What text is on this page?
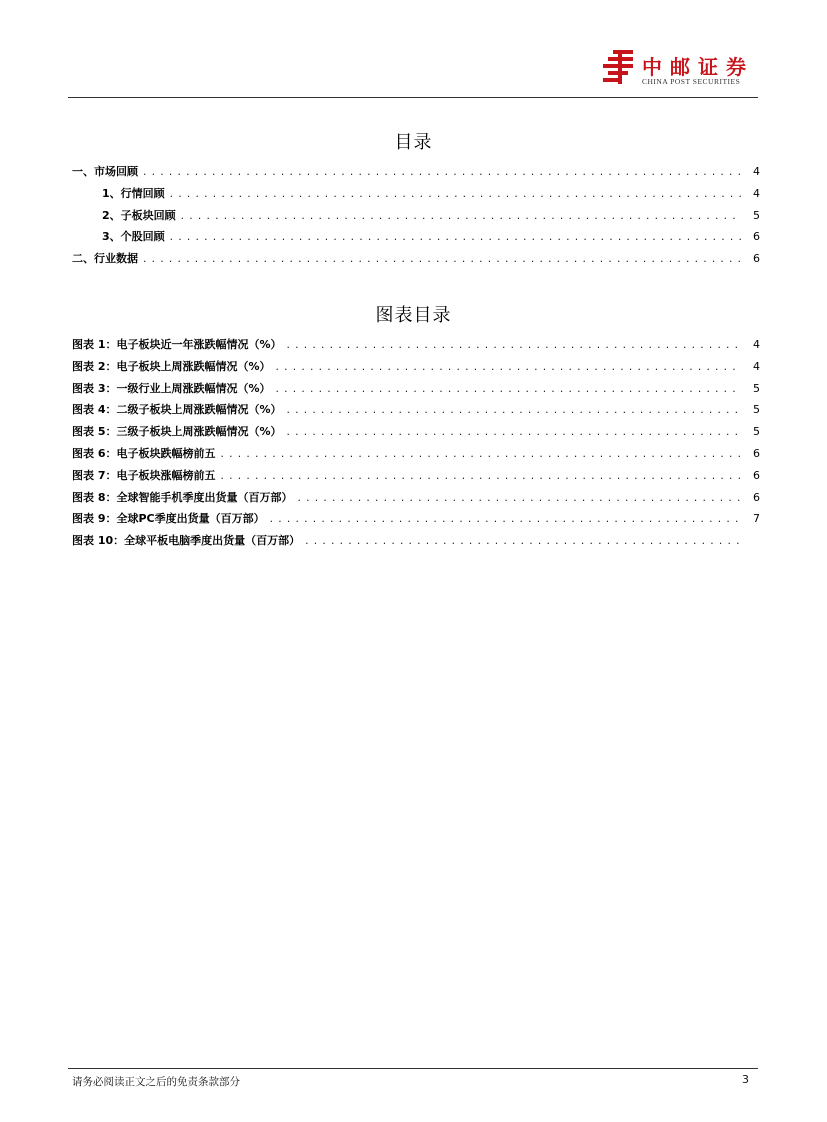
中邮证券
CHINA POST SECURITIES
目录
一、市场回顾 .....	4
1、行情回顾 .....	4
2、子板块回顾 .....	5
3、个股回顾 .....	6
二、行业数据 .....	6
图表目录
图表 1：电子板块近一年涨跌幅情况（%） .....	4
图表 2：电子板块上周涨跌幅情况（%） .....	4
图表 3：一级行业上周涨跌幅情况（%） .....	5
图表 4：二级子板块上周涨跌幅情况（%） .....	5
图表 5：三级子板块上周涨跌幅情况（%） .....	5
图表 6：电子板块跌幅榜前五 .....	6
图表 7：电子板块涨幅榜前五 .....	6
图表 8：全球智能手机季度出货量（百万部） .....	6
图表 9：全球PC季度出货量（百万部） .....	7
图表 10：全球平板电脑季度出货量（百万部）
.....
请务必阅读正文之后的免责条款部分	3
